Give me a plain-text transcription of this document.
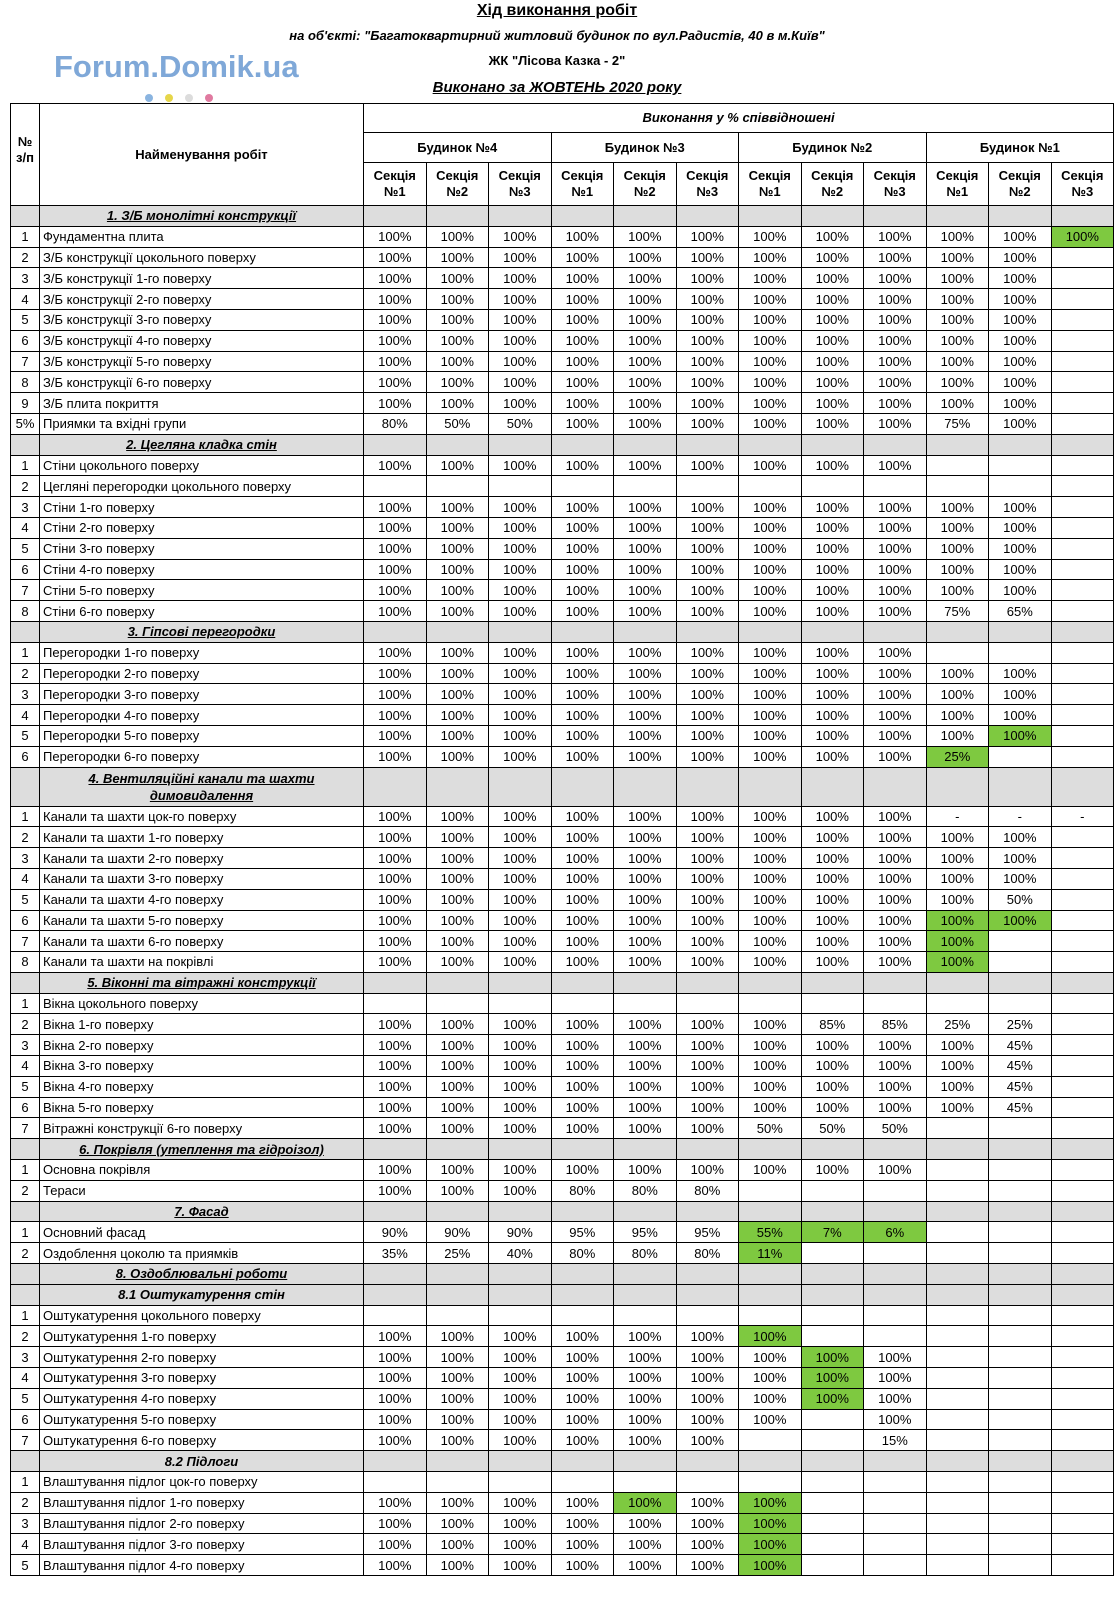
Хід виконання робіт
на об'єкті: "Багатоквартирний житловий будинок по вул.Радистів, 40 в м.Київ"
ЖК "Лісова Казка - 2"
Виконано за ЖОВТЕНЬ 2020 року
Forum.Domik.ua
№ з/п	Найменування робіт	Виконання у % співвідношені											
		Будинок №4			Будинок №3			Будинок №2			Будинок №1		
		Секція №1	Секція №2	Секція №3	Секція №1	Секція №2	Секція №3	Секція №1	Секція №2	Секція №3	Секція №1	Секція №2	Секція №3
	1. З/Б монолітні конструкції												
1	Фундаментна плита	100%	100%	100%	100%	100%	100%	100%	100%	100%	100%	100%	100%
2	З/Б конструкції цокольного поверху	100%	100%	100%	100%	100%	100%	100%	100%	100%	100%	100%	
3	З/Б конструкції 1-го поверху	100%	100%	100%	100%	100%	100%	100%	100%	100%	100%	100%	
4	З/Б конструкції 2-го поверху	100%	100%	100%	100%	100%	100%	100%	100%	100%	100%	100%	
5	З/Б конструкції 3-го поверху	100%	100%	100%	100%	100%	100%	100%	100%	100%	100%	100%	
6	З/Б конструкції 4-го поверху	100%	100%	100%	100%	100%	100%	100%	100%	100%	100%	100%	
7	З/Б конструкції 5-го поверху	100%	100%	100%	100%	100%	100%	100%	100%	100%	100%	100%	
8	З/Б конструкції 6-го поверху	100%	100%	100%	100%	100%	100%	100%	100%	100%	100%	100%	
9	З/Б плита покриття	100%	100%	100%	100%	100%	100%	100%	100%	100%	100%	100%	
5%	Приямки та вхідні групи	80%	50%	50%	100%	100%	100%	100%	100%	100%	75%	100%	
	2. Цегляна кладка стін												
1	Стіни цокольного поверху	100%	100%	100%	100%	100%	100%	100%	100%	100%			
2	Цегляні перегородки цокольного поверху												
3	Стіни 1-го поверху	100%	100%	100%	100%	100%	100%	100%	100%	100%	100%	100%	
4	Стіни 2-го поверху	100%	100%	100%	100%	100%	100%	100%	100%	100%	100%	100%	
5	Стіни 3-го поверху	100%	100%	100%	100%	100%	100%	100%	100%	100%	100%	100%	
6	Стіни 4-го поверху	100%	100%	100%	100%	100%	100%	100%	100%	100%	100%	100%	
7	Стіни 5-го поверху	100%	100%	100%	100%	100%	100%	100%	100%	100%	100%	100%	
8	Стіни 6-го поверху	100%	100%	100%	100%	100%	100%	100%	100%	100%	75%	65%	
	3. Гіпсові перегородки												
1	Перегородки 1-го поверху	100%	100%	100%	100%	100%	100%	100%	100%	100%			
2	Перегородки 2-го поверху	100%	100%	100%	100%	100%	100%	100%	100%	100%	100%	100%	
3	Перегородки 3-го поверху	100%	100%	100%	100%	100%	100%	100%	100%	100%	100%	100%	
4	Перегородки 4-го поверху	100%	100%	100%	100%	100%	100%	100%	100%	100%	100%	100%	
5	Перегородки 5-го поверху	100%	100%	100%	100%	100%	100%	100%	100%	100%	100%	100%	
6	Перегородки 6-го поверху	100%	100%	100%	100%	100%	100%	100%	100%	100%	25%		
	4. Вентиляційні канали та шахти димовидалення												
1	Канали та шахти цок-го поверху	100%	100%	100%	100%	100%	100%	100%	100%	100%	-	-	-
2	Канали та шахти 1-го поверху	100%	100%	100%	100%	100%	100%	100%	100%	100%	100%	100%	
3	Канали та шахти 2-го поверху	100%	100%	100%	100%	100%	100%	100%	100%	100%	100%	100%	
4	Канали та шахти 3-го поверху	100%	100%	100%	100%	100%	100%	100%	100%	100%	100%	100%	
5	Канали та шахти 4-го поверху	100%	100%	100%	100%	100%	100%	100%	100%	100%	100%	50%	
6	Канали та шахти 5-го поверху	100%	100%	100%	100%	100%	100%	100%	100%	100%	100%	100%	
7	Канали та шахти 6-го поверху	100%	100%	100%	100%	100%	100%	100%	100%	100%	100%		
8	Канали та шахти на покрівлі	100%	100%	100%	100%	100%	100%	100%	100%	100%	100%		
	5. Віконні та вітражні конструкції												
1	Вікна цокольного поверху												
2	Вікна 1-го поверху	100%	100%	100%	100%	100%	100%	100%	85%	85%	25%	25%	
3	Вікна 2-го поверху	100%	100%	100%	100%	100%	100%	100%	100%	100%	100%	45%	
4	Вікна 3-го поверху	100%	100%	100%	100%	100%	100%	100%	100%	100%	100%	45%	
5	Вікна 4-го поверху	100%	100%	100%	100%	100%	100%	100%	100%	100%	100%	45%	
6	Вікна 5-го поверху	100%	100%	100%	100%	100%	100%	100%	100%	100%	100%	45%	
7	Вітражні конструкції 6-го поверху	100%	100%	100%	100%	100%	100%	50%	50%	50%			
	6. Покрівля (утеплення та гідроізол)												
1	Основна покрівля	100%	100%	100%	100%	100%	100%	100%	100%	100%			
2	Тераси	100%	100%	100%	80%	80%	80%						
	7. Фасад												
1	Основний фасад	90%	90%	90%	95%	95%	95%	55%	7%	6%			
2	Оздоблення цоколю та приямків	35%	25%	40%	80%	80%	80%	11%					
	8. Оздоблювальні роботи												
	8.1 Оштукатурення стін												
1	Оштукатурення цокольного поверху												
2	Оштукатурення 1-го поверху	100%	100%	100%	100%	100%	100%	100%					
3	Оштукатурення 2-го поверху	100%	100%	100%	100%	100%	100%	100%	100%	100%			
4	Оштукатурення 3-го поверху	100%	100%	100%	100%	100%	100%	100%	100%	100%			
5	Оштукатурення 4-го поверху	100%	100%	100%	100%	100%	100%	100%	100%	100%			
6	Оштукатурення 5-го поверху	100%	100%	100%	100%	100%	100%	100%		100%			
7	Оштукатурення 6-го поверху	100%	100%	100%	100%	100%	100%			15%			
	8.2 Підлоги												
1	Влаштування підлог цок-го поверху												
2	Влаштування підлог 1-го поверху	100%	100%	100%	100%	100%	100%	100%					
3	Влаштування підлог 2-го поверху	100%	100%	100%	100%	100%	100%	100%					
4	Влаштування підлог 3-го поверху	100%	100%	100%	100%	100%	100%	100%					
5	Влаштування підлог 4-го поверху	100%	100%	100%	100%	100%	100%	100%					
